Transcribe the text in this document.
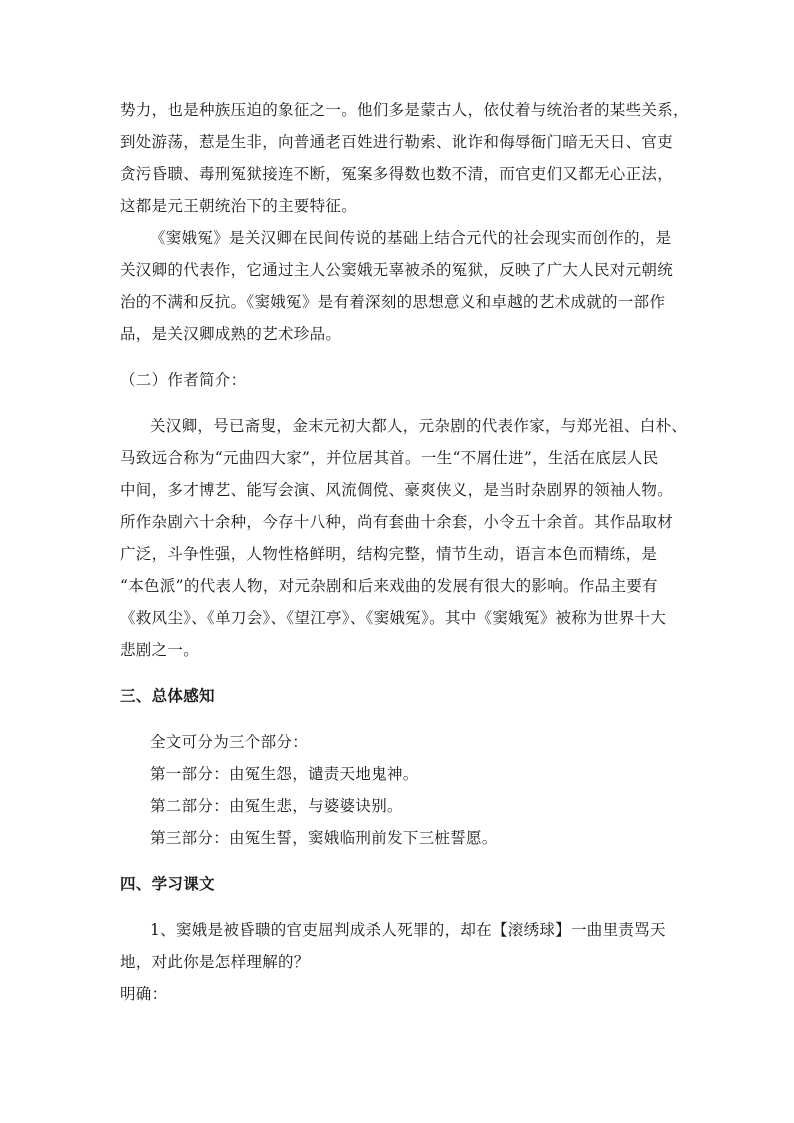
势力，也是种族压迫的象征之一。他们多是蒙古人，依仗着与统治者的某些关系，
到处游荡，惹是生非，向普通老百姓进行勒索、讹诈和侮辱衙门暗无天日、官吏
贪污昏聩、毒刑冤狱接连不断，冤案多得数也数不清，而官吏们又都无心正法，
这都是元王朝统治下的主要特征。
《窦娥冤》是关汉卿在民间传说的基础上结合元代的社会现实而创作的，是
关汉卿的代表作，它通过主人公窦娥无辜被杀的冤狱，反映了广大人民对元朝统
治的不满和反抗。《窦娥冤》是有着深刻的思想意义和卓越的艺术成就的一部作
品，是关汉卿成熟的艺术珍品。
（二）作者简介：
关汉卿，号已斋叟，金末元初大都人，元杂剧的代表作家，与郑光祖、白朴、
马致远合称为“元曲四大家”，并位居其首。一生“不屑仕进”，生活在底层人民
中间，多才博艺、能写会演、风流倜傥、豪爽侠义，是当时杂剧界的领袖人物。
所作杂剧六十余种，今存十八种，尚有套曲十余套，小令五十余首。其作品取材
广泛，斗争性强，人物性格鲜明，结构完整，情节生动，语言本色而精练，是
“本色派”的代表人物，对元杂剧和后来戏曲的发展有很大的影响。作品主要有
《救风尘》、《单刀会》、《望江亭》、《窦娥冤》。其中《窦娥冤》被称为世界十大
悲剧之一。
三、总体感知
全文可分为三个部分：
第一部分：由冤生怨，谴责天地鬼神。
第二部分：由冤生悲，与婆婆诀别。
第三部分：由冤生誓，窦娥临刑前发下三桩誓愿。
四、学习课文
1、窦娥是被昏聩的官吏屈判成杀人死罪的，却在【滚绣球】一曲里责骂天
地，对此你是怎样理解的？
明确：
